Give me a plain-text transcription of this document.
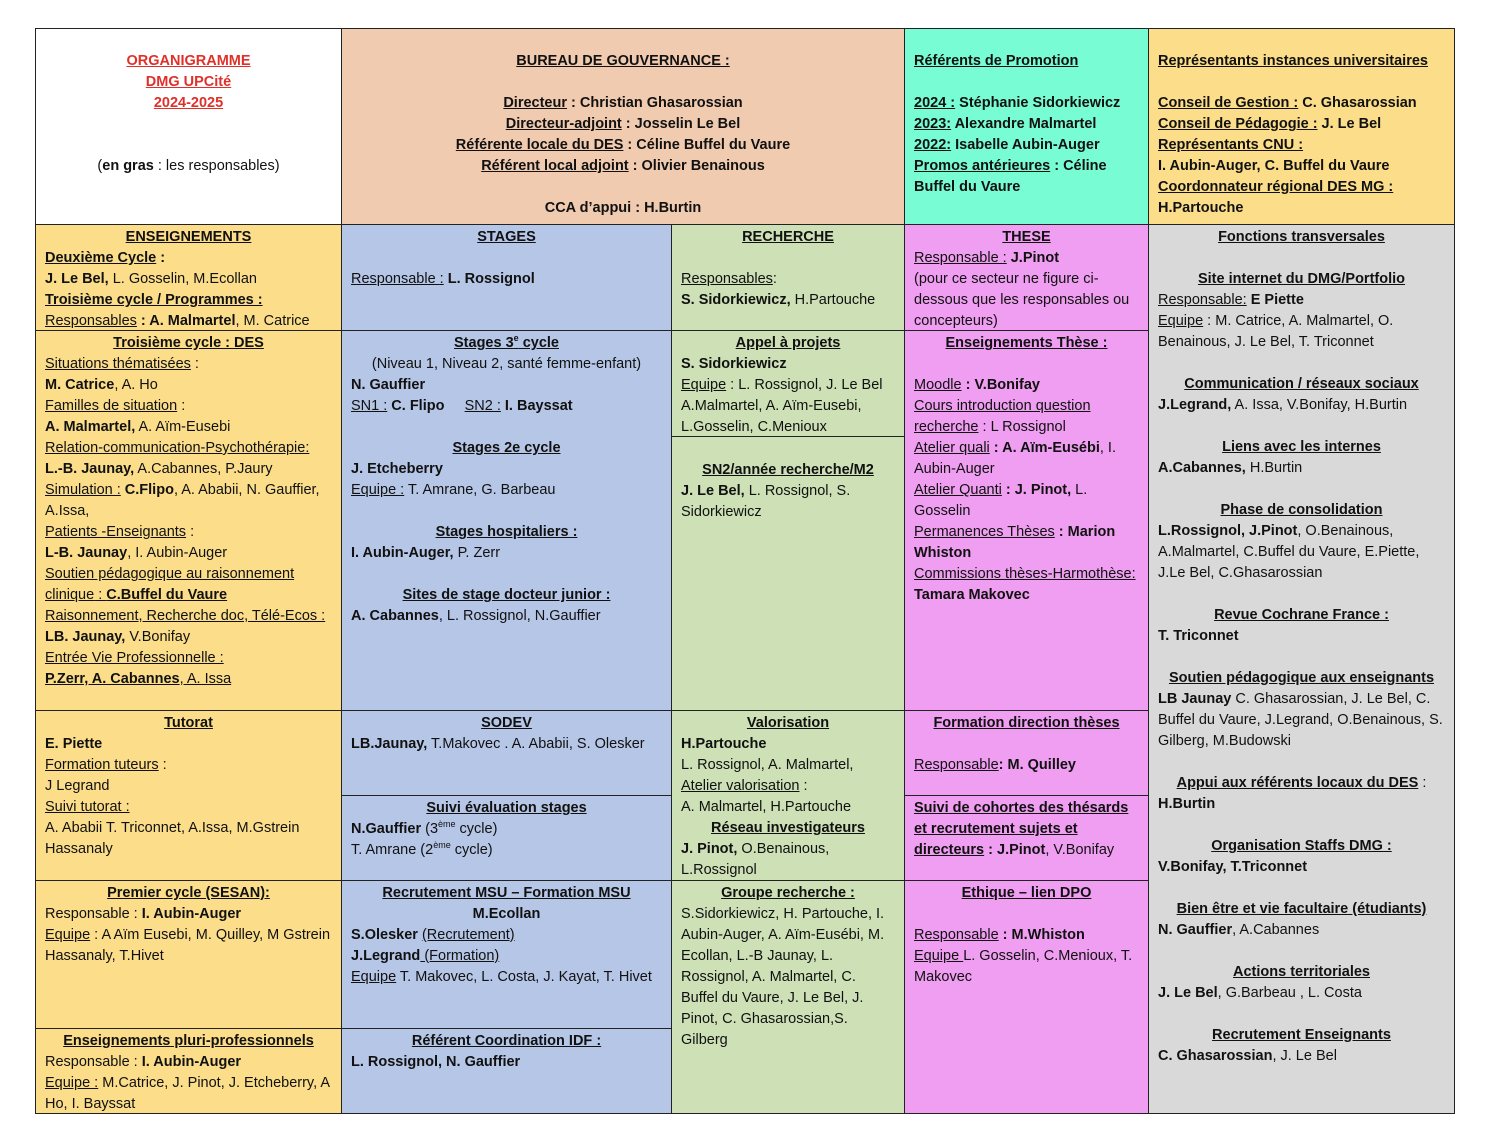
ORGANIGRAMME
DMG UPCité
2024-2025
(en gras : les responsables)
BUREAU DE GOUVERNANCE :
Directeur : Christian Ghasarossian
Directeur-adjoint : Josselin Le Bel
Référente locale du DES : Céline Buffel du Vaure
Référent local adjoint : Olivier Benainous
CCA d’appui : H.Burtin
Référents de Promotion
2024 : Stéphanie Sidorkiewicz
2023: Alexandre Malmartel
2022: Isabelle Aubin-Auger
Promos antérieures : Céline Buffel du Vaure
Représentants instances universitaires
Conseil de Gestion : C. Ghasarossian
Conseil de Pédagogie : J. Le Bel
Représentants CNU :
I. Aubin-Auger, C. Buffel du Vaure
Coordonnateur régional DES MG :
H.Partouche
ENSEIGNEMENTS
Deuxième Cycle :
J. Le Bel, L. Gosselin, M.Ecollan
Troisième cycle / Programmes :
Responsables : A. Malmartel, M. Catrice
Troisième cycle : DES
Situations thématisées :
M. Catrice, A. Ho
Familles de situation :
A. Malmartel, A. Aïm-Eusebi
Relation-communication-Psychothérapie:
L.-B. Jaunay, A.Cabannes, P.Jaury
Simulation : C.Flipo, A. Ababii, N. Gauffier, A.Issa,
Patients -Enseignants :
L-B. Jaunay, I. Aubin-Auger
Soutien pédagogique au raisonnement clinique : C.Buffel du Vaure
Raisonnement, Recherche doc, Télé-Ecos : LB. Jaunay, V.Bonifay
Entrée Vie Professionnelle :
P.Zerr, A. Cabannes, A. Issa
Tutorat
E. Piette
Formation tuteurs :
J Legrand
Suivi tutorat :
A. Ababii T. Triconnet, A.Issa, M.Gstrein Hassanaly
Premier cycle (SESAN):
Responsable : I. Aubin-Auger
Equipe : A Aïm Eusebi, M. Quilley, M Gstrein Hassanaly, T.Hivet
Enseignements pluri-professionnels
Responsable : I. Aubin-Auger
Equipe : M.Catrice, J. Pinot, J. Etcheberry, A Ho, I. Bayssat
STAGES
Responsable : L. Rossignol
Stages 3e cycle
(Niveau 1, Niveau 2, santé femme-enfant)
N. Gauffier
SN1 : C. Flipo SN2 : I. Bayssat
Stages 2e cycle
J. Etcheberry
Equipe : T. Amrane, G. Barbeau
Stages hospitaliers :
I. Aubin-Auger, P. Zerr
Sites de stage docteur junior :
A. Cabannes, L. Rossignol, N.Gauffier
SODEV
LB.Jaunay, T.Makovec . A. Ababii, S. Olesker
Suivi évaluation stages
N.Gauffier (3ème cycle)
T. Amrane (2ème cycle)
Recrutement MSU – Formation MSU
M.Ecollan
S.Olesker (Recrutement)
J.Legrand (Formation)
Equipe T. Makovec, L. Costa, J. Kayat, T. Hivet
Référent Coordination IDF :
L. Rossignol, N. Gauffier
RECHERCHE
Responsables:
S. Sidorkiewicz, H.Partouche
Appel à projets
S. Sidorkiewicz
Equipe : L. Rossignol, J. Le Bel A.Malmartel, A. Aïm-Eusebi, L.Gosselin, C.Menioux
SN2/année recherche/M2
J. Le Bel, L. Rossignol, S. Sidorkiewicz
Valorisation
H.Partouche
L. Rossignol, A. Malmartel,
Atelier valorisation :
A. Malmartel, H.Partouche
Réseau investigateurs
J. Pinot, O.Benainous, L.Rossignol
Groupe recherche :
S.Sidorkiewicz, H. Partouche, I. Aubin-Auger, A. Aïm-Eusébi, M. Ecollan, L.-B Jaunay, L. Rossignol, A. Malmartel, C. Buffel du Vaure, J. Le Bel, J. Pinot, C. Ghasarossian,S. Gilberg
THESE
Responsable : J.Pinot
(pour ce secteur ne figure ci-dessous que les responsables ou concepteurs)
Enseignements Thèse :
Moodle : V.Bonifay
Cours introduction question recherche : L Rossignol
Atelier quali : A. Aïm-Eusébi, I. Aubin-Auger
Atelier Quanti : J. Pinot, L. Gosselin
Permanences Thèses : Marion Whiston
Commissions thèses-Harmothèse: Tamara Makovec
Formation direction thèses
Responsable: M. Quilley
Suivi de cohortes des thésards et recrutement sujets et directeurs : J.Pinot, V.Bonifay
Ethique – lien DPO
Responsable : M.Whiston
Equipe L. Gosselin, C.Menioux, T. Makovec
Fonctions transversales
Site internet du DMG/Portfolio
Responsable: E Piette
Equipe : M. Catrice, A. Malmartel, O. Benainous, J. Le Bel, T. Triconnet
Communication / réseaux sociaux
J.Legrand, A. Issa, V.Bonifay, H.Burtin
Liens avec les internes
A.Cabannes, H.Burtin
Phase de consolidation
L.Rossignol, J.Pinot, O.Benainous, A.Malmartel, C.Buffel du Vaure, E.Piette, J.Le Bel, C.Ghasarossian
Revue Cochrane France :
T. Triconnet
Soutien pédagogique aux enseignants
LB Jaunay C. Ghasarossian, J. Le Bel, C. Buffel du Vaure, J.Legrand, O.Benainous, S. Gilberg, M.Budowski
Appui aux référents locaux du DES :
H.Burtin
Organisation Staffs DMG :
V.Bonifay, T.Triconnet
Bien être et vie facultaire (étudiants)
N. Gauffier, A.Cabannes
Actions territoriales
J. Le Bel, G.Barbeau , L. Costa
Recrutement Enseignants
C. Ghasarossian, J. Le Bel
